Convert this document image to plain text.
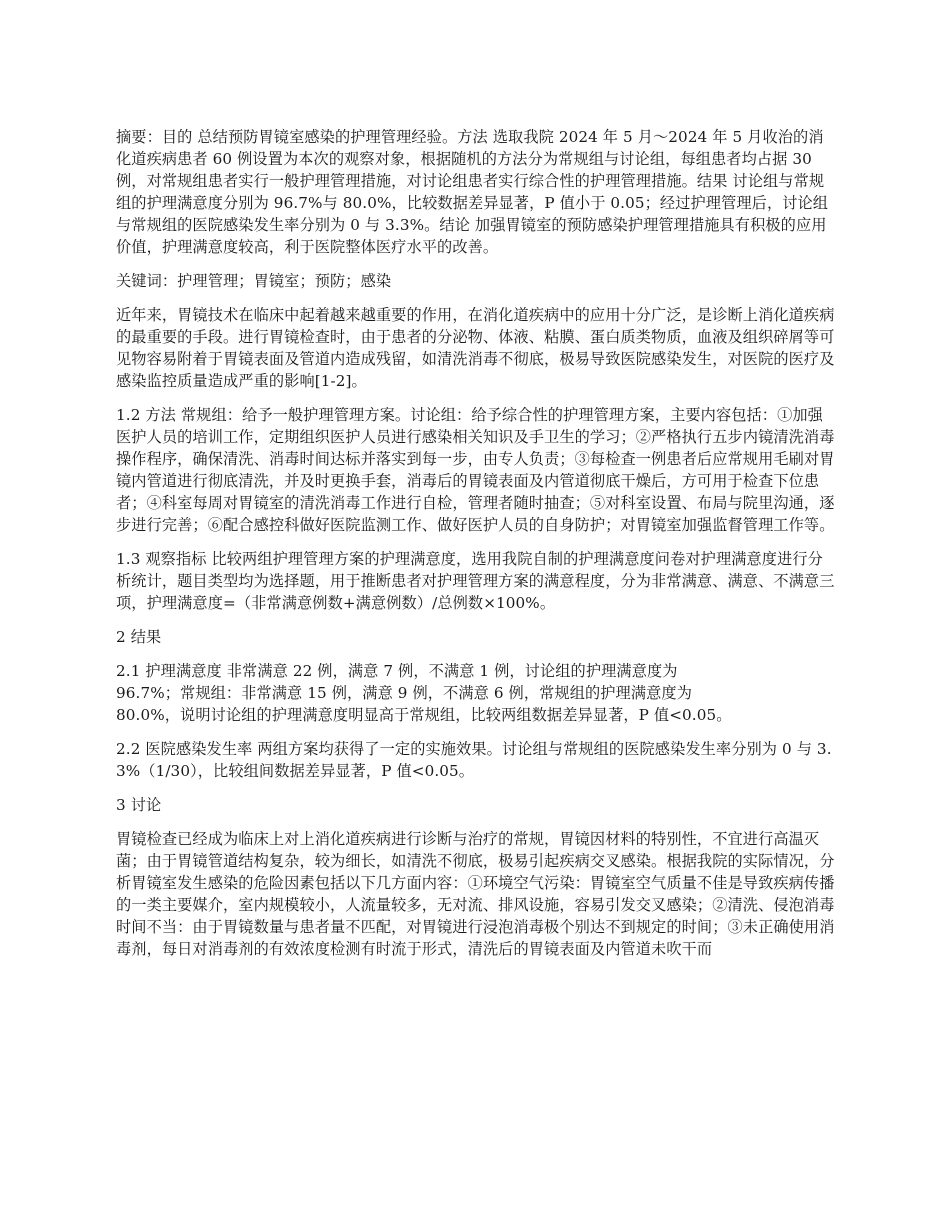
摘要：目的 总结预防胃镜室感染的护理管理经验。方法 选取我院 2024 年 5 月～2024 年 5 月收治的消化道疾病患者 60 例设置为本次的观察对象，根据随机的方法分为常规组与讨论组，每组患者均占据 30 例，对常规组患者实行一般护理管理措施，对讨论组患者实行综合性的护理管理措施。结果 讨论组与常规组的护理满意度分别为 96.7%与 80.0%，比较数据差异显著，P 值小于 0.05；经过护理管理后，讨论组与常规组的医院感染发生率分别为 0 与 3.3%。结论 加强胃镜室的预防感染护理管理措施具有积极的应用价值，护理满意度较高，利于医院整体医疗水平的改善。

关键词：护理管理；胃镜室；预防；感染

近年来，胃镜技术在临床中起着越来越重要的作用，在消化道疾病中的应用十分广泛，是诊断上消化道疾病的最重要的手段。进行胃镜检查时，由于患者的分泌物、体液、粘膜、蛋白质类物质，血液及组织碎屑等可见物容易附着于胃镜表面及管道内造成残留，如清洗消毒不彻底，极易导致医院感染发生，对医院的医疗及感染监控质量造成严重的影响[1-2]。

1.2 方法 常规组：给予一般护理管理方案。讨论组：给予综合性的护理管理方案，主要内容包括：①加强医护人员的培训工作，定期组织医护人员进行感染相关知识及手卫生的学习；②严格执行五步内镜清洗消毒操作程序，确保清洗、消毒时间达标并落实到每一步，由专人负责；③每检查一例患者后应常规用毛刷对胃镜内管道进行彻底清洗，并及时更换手套，消毒后的胃镜表面及内管道彻底干燥后，方可用于检查下位患者；④科室每周对胃镜室的清洗消毒工作进行自检，管理者随时抽查；⑤对科室设置、布局与院里沟通，逐步进行完善；⑥配合感控科做好医院监测工作、做好医护人员的自身防护；对胃镜室加强监督管理工作等。

1.3 观察指标 比较两组护理管理方案的护理满意度，选用我院自制的护理满意度问卷对护理满意度进行分析统计，题目类型均为选择题，用于推断患者对护理管理方案的满意程度，分为非常满意、满意、不满意三项，护理满意度=（非常满意例数+满意例数）/总例数×100%。

2 结果

2.1 护理满意度 非常满意 22 例，满意 7 例，不满意 1 例，讨论组的护理满意度为
96.7%；常规组：非常满意 15 例，满意 9 例，不满意 6 例，常规组的护理满意度为
80.0%，说明讨论组的护理满意度明显高于常规组，比较两组数据差异显著，P 值<0.05。

2.2 医院感染发生率 两组方案均获得了一定的实施效果。讨论组与常规组的医院感染发生率分别为 0 与 3.3%（1/30），比较组间数据差异显著，P 值<0.05。

3 讨论

胃镜检查已经成为临床上对上消化道疾病进行诊断与治疗的常规，胃镜因材料的特别性，不宜进行高温灭菌；由于胃镜管道结构复杂，较为细长，如清洗不彻底，极易引起疾病交叉感染。根据我院的实际情况，分析胃镜室发生感染的危险因素包括以下几方面内容：①环境空气污染：胃镜室空气质量不佳是导致疾病传播的一类主要媒介，室内规模较小，人流量较多，无对流、排风设施，容易引发交叉感染；②清洗、侵泡消毒时间不当：由于胃镜数量与患者量不匹配，对胃镜进行浸泡消毒极个别达不到规定的时间；③未正确使用消毒剂，每日对消毒剂的有效浓度检测有时流于形式，清洗后的胃镜表面及内管道未吹干而
